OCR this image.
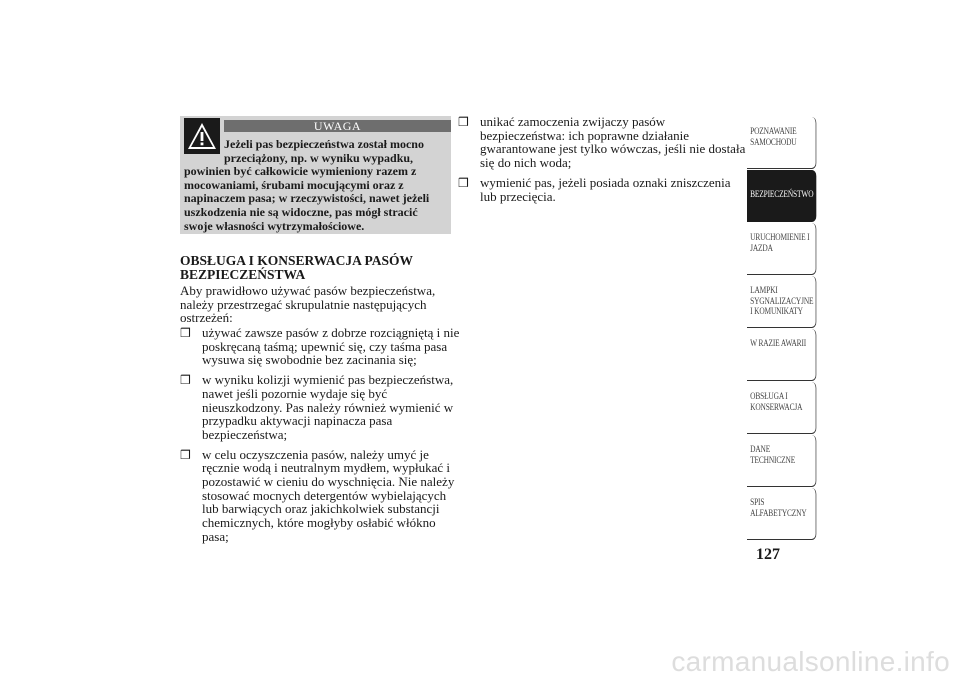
UWAGA
Jeżeli pas bezpieczeństwa został mocno przeciążony, np. w wyniku wypadku,
powinien być całkowicie wymieniony razem z mocowaniami, śrubami mocującymi oraz z napinaczem pasa; w rzeczywistości, nawet jeżeli uszkodzenia nie są widoczne, pas mógł stracić swoje własności wytrzymałościowe.
OBSŁUGA I KONSERWACJA PASÓW BEZPIECZEŃSTWA
Aby prawidłowo używać pasów bezpieczeństwa, należy przestrzegać skrupulatnie następujących ostrzeżeń:
❒ używać zawsze pasów z dobrze rozciągniętą i nie poskręcaną taśmą; upewnić się, czy taśma pasa wysuwa się swobodnie bez zacinania się;
❒ w wyniku kolizji wymienić pas bezpieczeństwa, nawet jeśli pozornie wydaje się być nieuszkodzony. Pas należy również wymienić w przypadku aktywacji napinacza pasa bezpieczeństwa;
❒ w celu oczyszczenia pasów, należy umyć je ręcznie wodą i neutralnym mydłem, wypłukać i pozostawić w cieniu do wyschnięcia. Nie należy stosować mocnych detergentów wybielających lub barwiących oraz jakichkolwiek substancji chemicznych, które mogłyby osłabić włókno pasa;
❒ unikać zamoczenia zwijaczy pasów bezpieczeństwa: ich poprawne działanie gwarantowane jest tylko wówczas, jeśli nie dostała się do nich woda;
❒ wymienić pas, jeżeli posiada oznaki zniszczenia lub przecięcia.
POZNAWANIE
SAMOCHODU
BEZPIECZEŃSTWO
URUCHOMIENIE I
JAZDA
LAMPKI
SYGNALIZACYJNE
I KOMUNIKATY
W RAZIE AWARII
OBSŁUGA I
KONSERWACJA
DANE
TECHNICZNE
SPIS
ALFABETYCZNY
127
carmanualsonline.info
